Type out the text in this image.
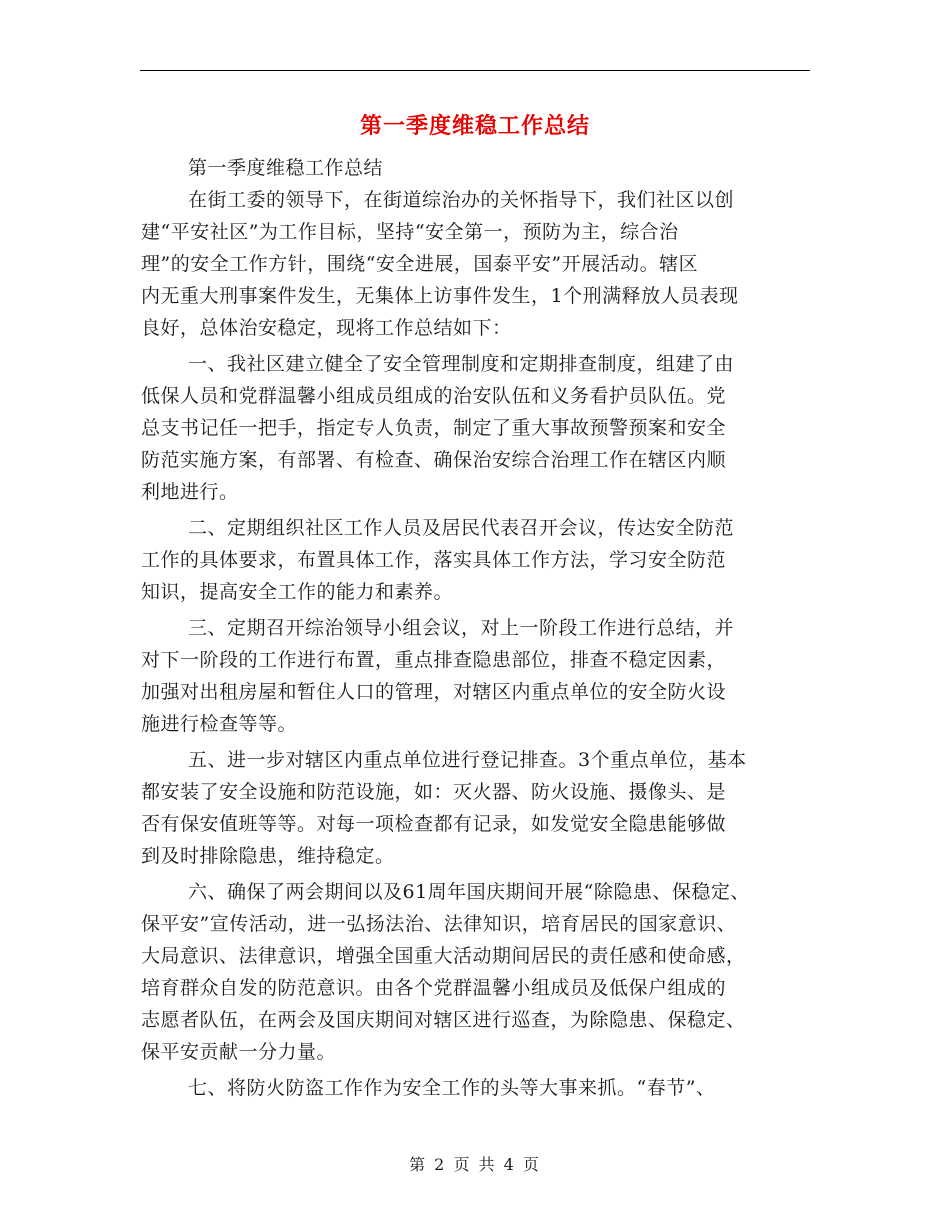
第一季度维稳工作总结
第一季度维稳工作总结
在街工委的领导下，在街道综治办的关怀指导下，我们社区以创
建“平安社区”为工作目标，坚持“安全第一，预防为主，综合治
理”的安全工作方针，围绕“安全进展，国泰平安”开展活动。辖区
内无重大刑事案件发生，无集体上访事件发生，1个刑满释放人员表现
良好，总体治安稳定，现将工作总结如下：
一、我社区建立健全了安全管理制度和定期排查制度，组建了由
低保人员和党群温馨小组成员组成的治安队伍和义务看护员队伍。党
总支书记任一把手，指定专人负责，制定了重大事故预警预案和安全
防范实施方案，有部署、有检查、确保治安综合治理工作在辖区内顺
利地进行。
二、定期组织社区工作人员及居民代表召开会议，传达安全防范
工作的具体要求，布置具体工作，落实具体工作方法，学习安全防范
知识，提高安全工作的能力和素养。
三、定期召开综治领导小组会议，对上一阶段工作进行总结，并
对下一阶段的工作进行布置，重点排查隐患部位，排查不稳定因素，
加强对出租房屋和暂住人口的管理，对辖区内重点单位的安全防火设
施进行检查等等。
五、进一步对辖区内重点单位进行登记排查。3个重点单位，基本
都安装了安全设施和防范设施，如：灭火器、防火设施、摄像头、是
否有保安值班等等。对每一项检查都有记录，如发觉安全隐患能够做
到及时排除隐患，维持稳定。
六、确保了两会期间以及61周年国庆期间开展“除隐患、保稳定、
保平安”宣传活动，进一弘扬法治、法律知识，培育居民的国家意识、
大局意识、法律意识，增强全国重大活动期间居民的责任感和使命感，
培育群众自发的防范意识。由各个党群温馨小组成员及低保户组成的
志愿者队伍，在两会及国庆期间对辖区进行巡查，为除隐患、保稳定、
保平安贡献一分力量。
七、将防火防盗工作作为安全工作的头等大事来抓。“春节”、
第 2 页 共 4 页
